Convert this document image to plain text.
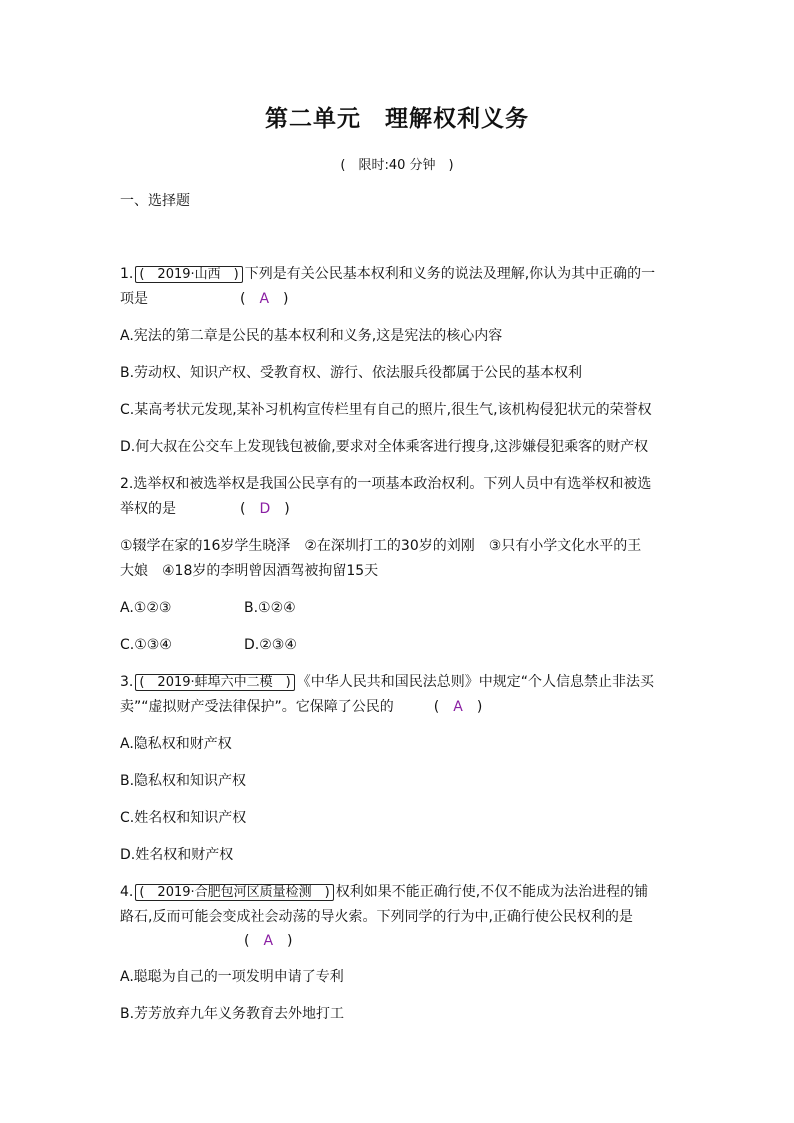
第二单元　理解权利义务
(　限时:40 分钟　)
一、选择题
1. (　2019·山西　) 下列是有关公民基本权利和义务的说法及理解,你认为其中正确的一
项是	( A )
A.宪法的第二章是公民的基本权利和义务,这是宪法的核心内容
B.劳动权、知识产权、受教育权、游行、依法服兵役都属于公民的基本权利
C.某高考状元发现,某补习机构宣传栏里有自己的照片,很生气,该机构侵犯状元的荣誉权
D.何大叔在公交车上发现钱包被偷,要求对全体乘客进行搜身,这涉嫌侵犯乘客的财产权
2.选举权和被选举权是我国公民享有的一项基本政治权利。下列人员中有选举权和被选
举权的是	( D )
①辍学在家的16岁学生晓泽　②在深圳打工的30岁的刘刚　③只有小学文化水平的王
大娘　④18岁的李明曾因酒驾被拘留15天
A.①②③	B.①②④
C.①③④	D.②③④
3. (　2019·蚌埠六中二模　) 《中华人民共和国民法总则》中规定“个人信息禁止非法买
卖”“虚拟财产受法律保护”。它保障了公民的	( A )
A.隐私权和财产权
B.隐私权和知识产权
C.姓名权和知识产权
D.姓名权和财产权
4. (　2019·合肥包河区质量检测　) 权利如果不能正确行使,不仅不能成为法治进程的铺
路石,反而可能会变成社会动荡的导火索。下列同学的行为中,正确行使公民权利的是
( A )
A.聪聪为自己的一项发明申请了专利
B.芳芳放弃九年义务教育去外地打工
